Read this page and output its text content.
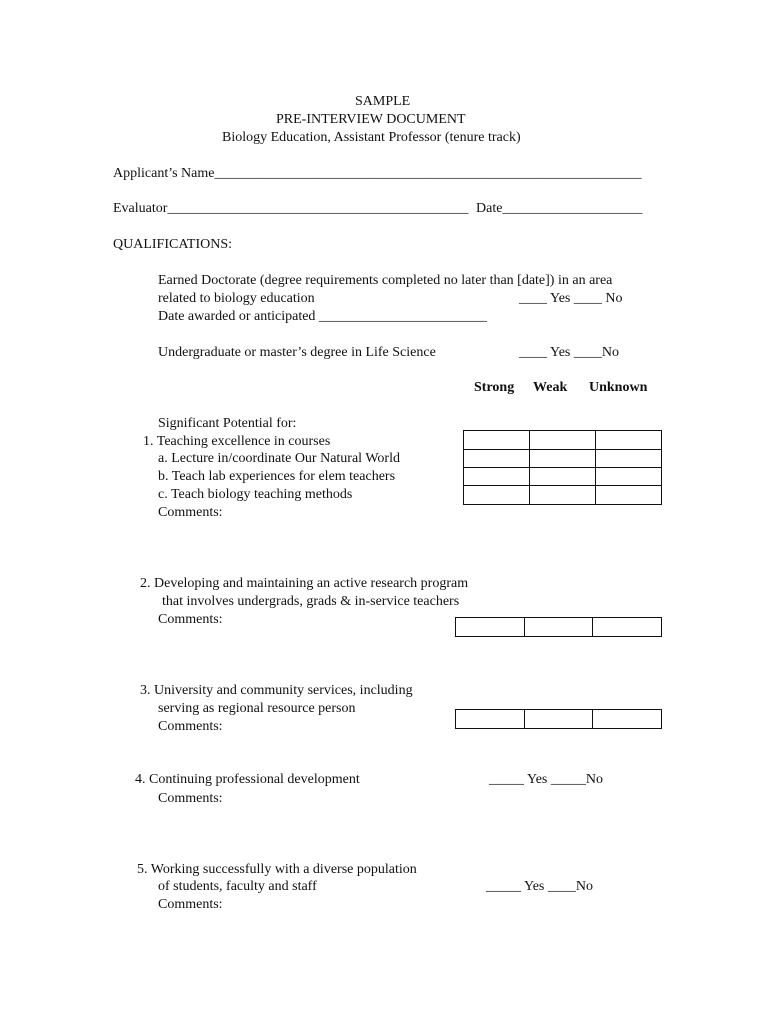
SAMPLE
PRE-INTERVIEW DOCUMENT
Biology Education, Assistant Professor (tenure track)
Applicant’s Name_____________________________________________________________
Evaluator___________________________________________ Date____________________
QUALIFICATIONS:
Earned Doctorate (degree requirements completed no later than [date]) in an area
related to biology education	____ Yes ____ No
Date awarded or anticipated ________________________
Undergraduate or master’s degree in Life Science	____ Yes ____No
Strong Weak Unknown
Significant Potential for:
1. Teaching excellence in courses
a. Lecture in/coordinate Our Natural World
b. Teach lab experiences for elem teachers
c. Teach biology teaching methods
Comments:

2. Developing and maintaining an active research program
that involves undergrads, grads & in-service teachers
Comments:

3. University and community services, including
serving as regional resource person
Comments:

4. Continuing professional development	_____ Yes _____No
Comments:
5. Working successfully with a diverse population
of students, faculty and staff	_____ Yes ____No
Comments:
